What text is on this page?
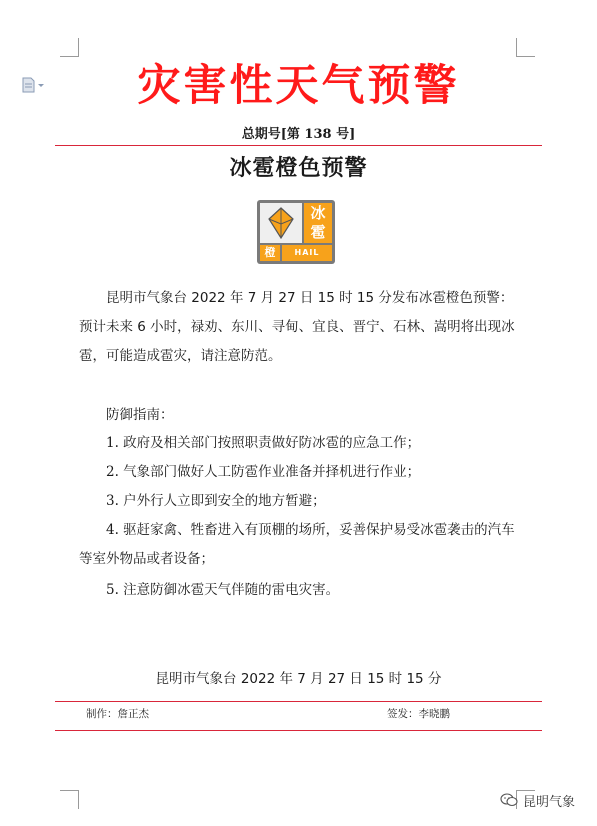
灾害性天气预警
总期号[第 138 号]
冰雹橙色预警
冰
雹
橙	HAIL
昆明市气象台 2022 年 7 月 27 日 15 时 15 分发布冰雹橙色预警：预计未来 6 小时，禄劝、东川、寻甸、宜良、晋宁、石林、嵩明将出现冰雹，可能造成雹灾，请注意防范。
防御指南：
1. 政府及相关部门按照职责做好防冰雹的应急工作；
2. 气象部门做好人工防雹作业准备并择机进行作业；
3. 户外行人立即到安全的地方暂避；
4. 驱赶家禽、牲畜进入有顶棚的场所，妥善保护易受冰雹袭击的汽车等室外物品或者设备；
5. 注意防御冰雹天气伴随的雷电灾害。
昆明市气象台 2022 年 7 月 27 日 15 时 15 分
制作：詹正杰	签发：李晓鹏
昆明气象
